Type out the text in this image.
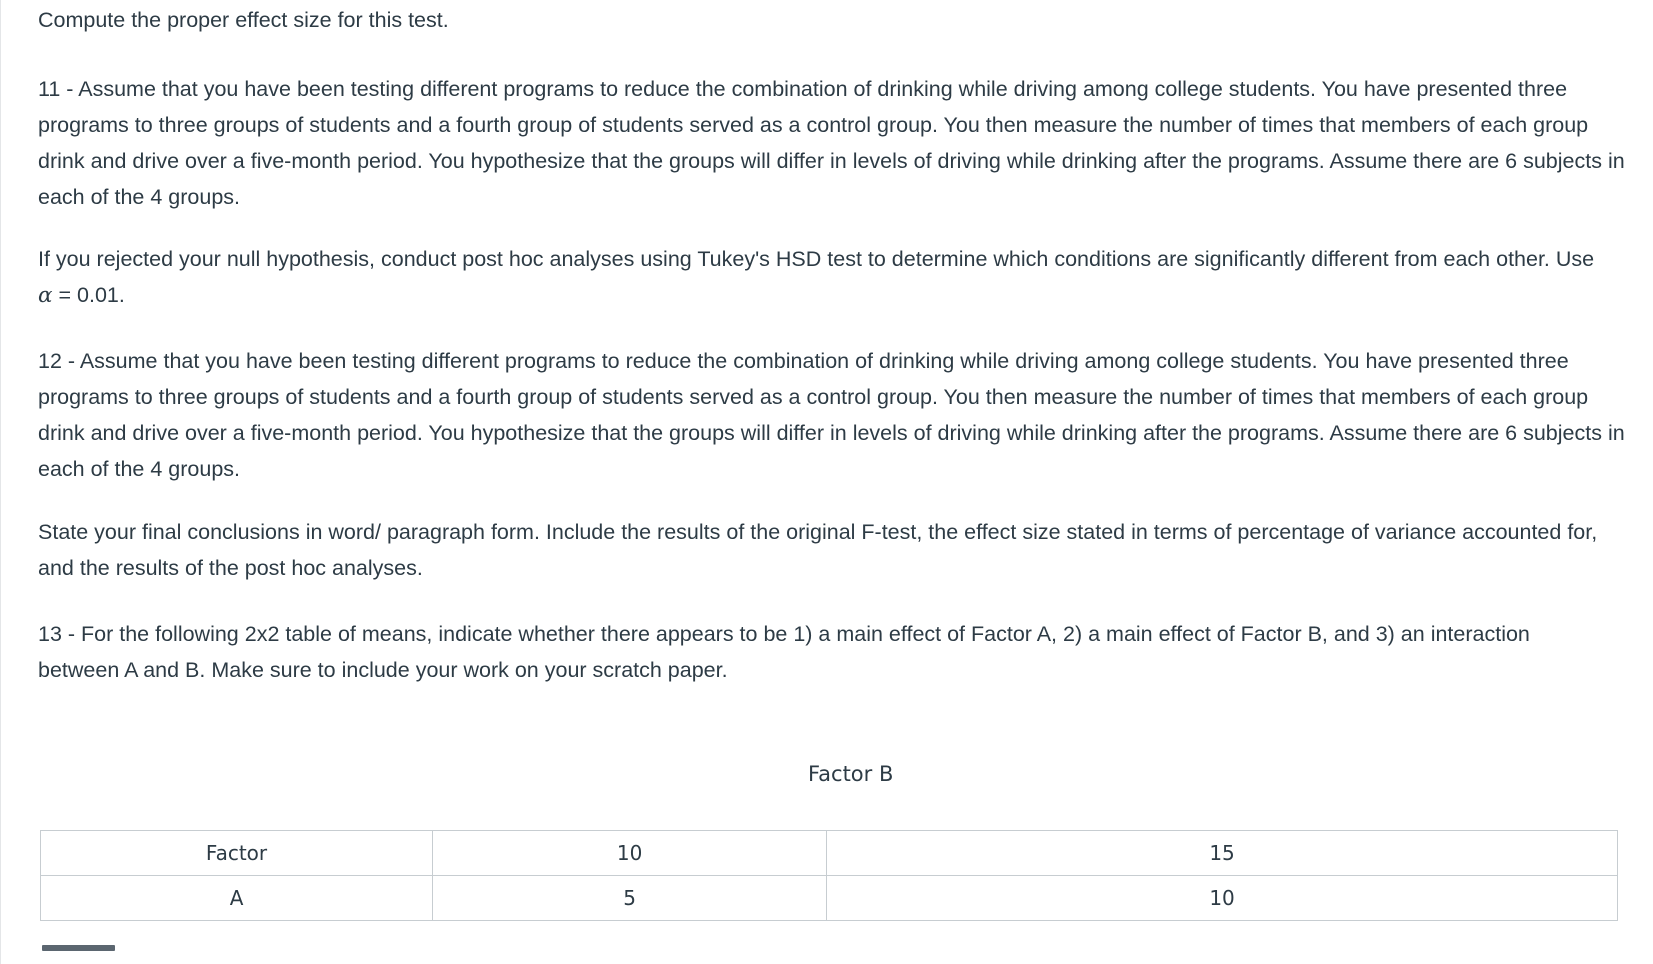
Compute the proper effect size for this test.

11 - Assume that you have been testing different programs to reduce the combination of drinking while driving among college students. You have presented three programs to three groups of students and a fourth group of students served as a control group. You then measure the number of times that members of each group drink and drive over a five-month period. You hypothesize that the groups will differ in levels of driving while drinking after the programs. Assume there are 6 subjects in each of the 4 groups.

If you rejected your null hypothesis, conduct post hoc analyses using Tukey's HSD test to determine which conditions are significantly different from each other. Use α = 0.01.

12 - Assume that you have been testing different programs to reduce the combination of drinking while driving among college students. You have presented three programs to three groups of students and a fourth group of students served as a control group. You then measure the number of times that members of each group drink and drive over a five-month period. You hypothesize that the groups will differ in levels of driving while drinking after the programs. Assume there are 6 subjects in each of the 4 groups.

State your final conclusions in word/ paragraph form. Include the results of the original F-test, the effect size stated in terms of percentage of variance accounted for, and the results of the post hoc analyses.

13 - For the following 2x2 table of means, indicate whether there appears to be 1) a main effect of Factor A, 2) a main effect of Factor B, and 3) an interaction between A and B. Make sure to include your work on your scratch paper.

Factor B
Factor	10	15
A	5	10
